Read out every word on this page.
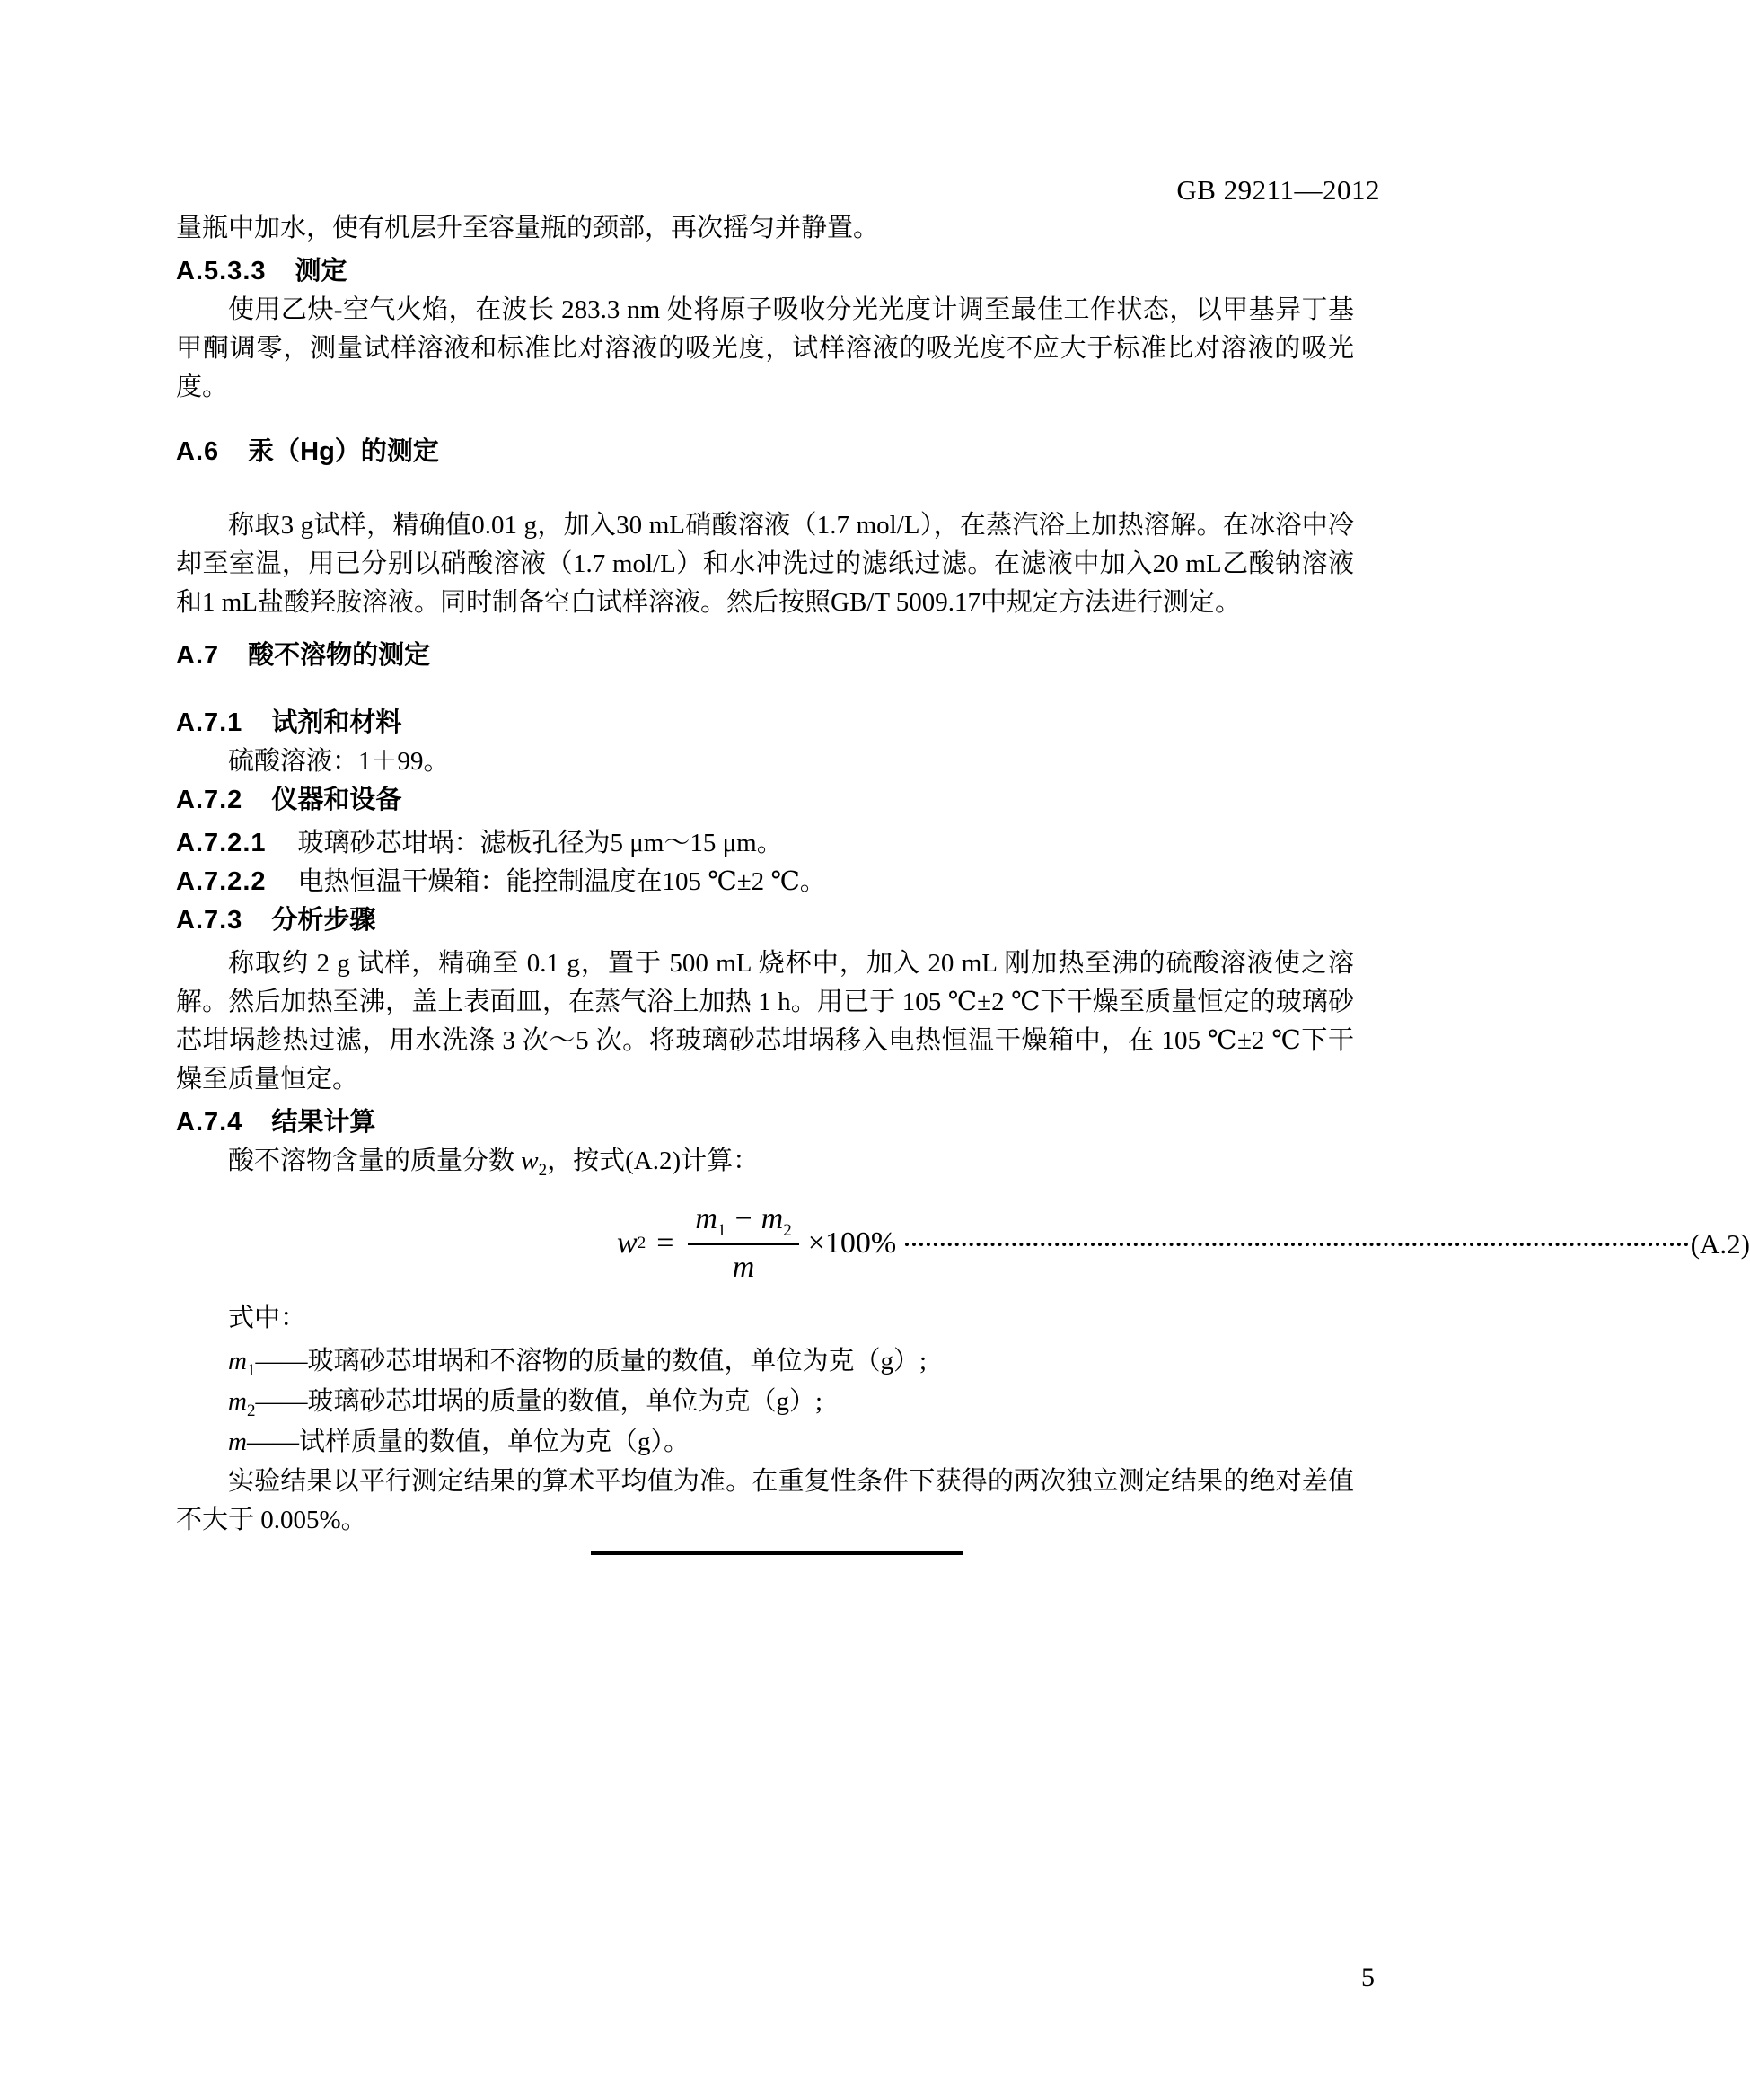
GB 29211—2012

量瓶中加水，使有机层升至容量瓶的颈部，再次摇匀并静置。

A.5.3.3 测定

使用乙炔-空气火焰，在波长 283.3 nm 处将原子吸收分光光度计调至最佳工作状态，以甲基异丁基甲酮调零，测量试样溶液和标准比对溶液的吸光度，试样溶液的吸光度不应大于标准比对溶液的吸光度。

A.6 汞（Hg）的测定

称取3 g试样，精确值0.01 g，加入30 mL硝酸溶液（1.7 mol/L），在蒸汽浴上加热溶解。在冰浴中冷却至室温，用已分别以硝酸溶液（1.7 mol/L）和水冲洗过的滤纸过滤。在滤液中加入20 mL乙酸钠溶液和1 mL盐酸羟胺溶液。同时制备空白试样溶液。然后按照GB/T 5009.17中规定方法进行测定。

A.7 酸不溶物的测定
A.7.1 试剂和材料

硫酸溶液：1＋99。

A.7.2 仪器和设备

A.7.2.1 玻璃砂芯坩埚：滤板孔径为5 μm～15 μm。

A.7.2.2 电热恒温干燥箱：能控制温度在105 ℃±2 ℃。

A.7.3 分析步骤

称取约 2 g 试样，精确至 0.1 g，置于 500 mL 烧杯中，加入 20 mL 刚加热至沸的硫酸溶液使之溶解。然后加热至沸，盖上表面皿，在蒸气浴上加热 1 h。用已于 105 ℃±2 ℃下干燥至质量恒定的玻璃砂芯坩埚趁热过滤，用水洗涤 3 次～5 次。将玻璃砂芯坩埚移入电热恒温干燥箱中，在 105 ℃±2 ℃下干燥至质量恒定。

A.7.4 结果计算

酸不溶物含量的质量分数 $w_2$，按式(A.2)计算：

w $2 = \frac{m_1 - m_2}{m} \times 100\%$	(A.2)

式中：

$m_1——$玻璃砂芯坩埚和不溶物的质量的数值，单位为克（g）;

$m_2——$玻璃砂芯坩埚的质量的数值，单位为克（g）;

m——试样质量的数值，单位为克（g）。

实验结果以平行测定结果的算术平均值为准。在重复性条件下获得的两次独立测定结果的绝对差值不大于 0.005%。

5
